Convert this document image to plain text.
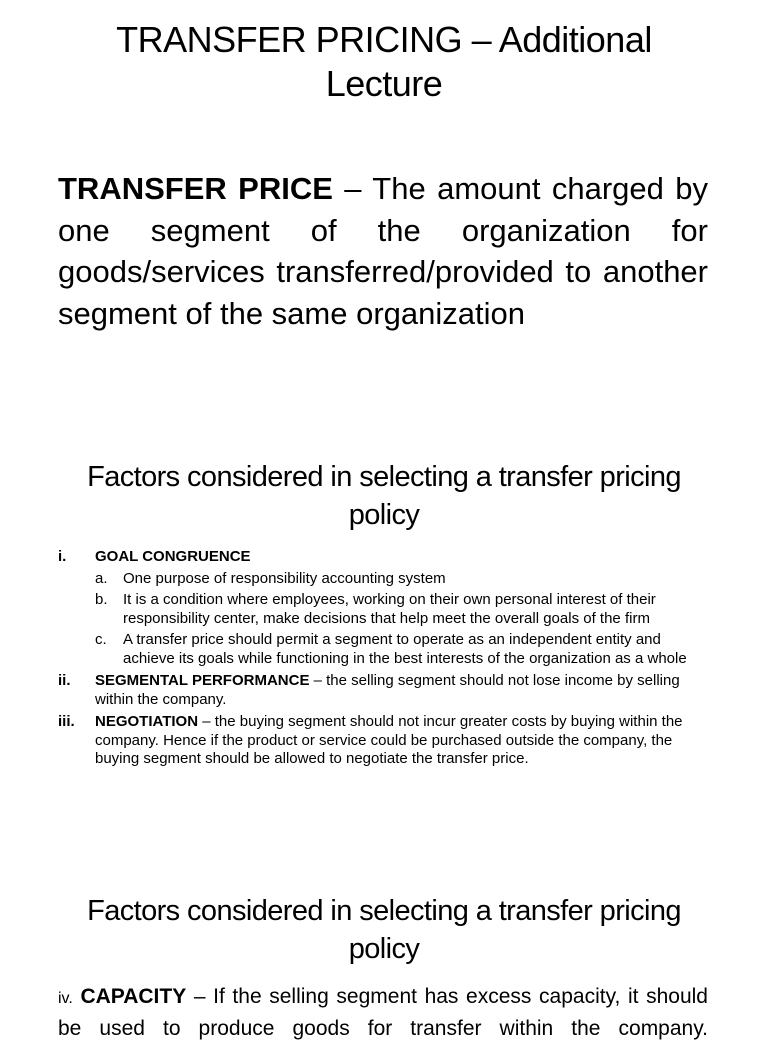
TRANSFER PRICING – Additional Lecture

TRANSFER PRICE – The amount charged by one segment of the organization for goods/services transferred/provided to another segment of the same organization

Factors considered in selecting a transfer pricing policy
i. GOAL CONGRUENCE
a. One purpose of responsibility accounting system
b. It is a condition where employees, working on their own personal interest of their responsibility center, make decisions that help meet the overall goals of the firm
c. A transfer price should permit a segment to operate as an independent entity and achieve its goals while functioning in the best interests of the organization as a whole
ii. SEGMENTAL PERFORMANCE – the selling segment should not lose income by selling within the company.
iii. NEGOTIATION – the buying segment should not incur greater costs by buying within the company. Hence if the product or service could be purchased outside the company, the buying segment should be allowed to negotiate the transfer price.
Factors considered in selecting a transfer pricing policy

iv. CAPACITY – If the selling segment has excess capacity, it should be used to produce goods for transfer within the company.
